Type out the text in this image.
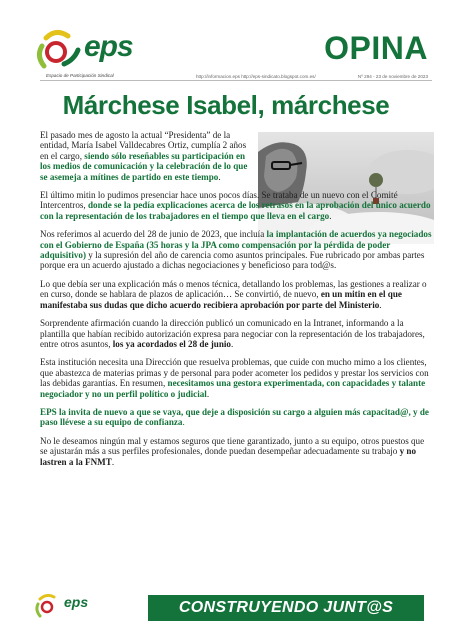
eps
Espacio de Participación Sindical
OPINA
http://informacion.eps http://eps-sindicato.blogspot.com.es/	Nº 294 - 23 de noviembre de 2023
Márchese Isabel, márchese

El pasado mes de agosto la actual “Presidenta” de la entidad, María Isabel Valldecabres Ortiz, cumplía 2 años en el cargo, siendo sólo reseñables su participación en los medios de comunicación y la celebración de lo que se asemeja a mítines de partido en este tiempo.

El último mitin lo pudimos presenciar hace unos pocos días. Se trataba de un nuevo con el Comité Intercentros, donde se la pedía explicaciones acerca de los retrasos en la aprobación del único acuerdo con la representación de los trabajadores en el tiempo que lleva en el cargo.

Nos referimos al acuerdo del 28 de junio de 2023, que incluía la implantación de acuerdos ya negociados con el Gobierno de España (35 horas y la JPA como compensación por la pérdida de poder adquisitivo) y la supresión del año de carencia como asuntos principales. Fue rubricado por ambas partes porque era un acuerdo ajustado a dichas negociaciones y beneficioso para tod@s.

Lo que debía ser una explicación más o menos técnica, detallando los problemas, las gestiones a realizar o en curso, donde se hablara de plazos de aplicación… Se convirtió, de nuevo, en un mitin en el que manifestaba sus dudas que dicho acuerdo recibiera aprobación por parte del Ministerio.

Sorprendente afirmación cuando la dirección publicó un comunicado en la Intranet, informando a la plantilla que habían recibido autorización expresa para negociar con la representación de los trabajadores, entre otros asuntos, los ya acordados el 28 de junio.

Esta institución necesita una Dirección que resuelva problemas, que cuide con mucho mimo a los clientes, que abastezca de materias primas y de personal para poder acometer los pedidos y prestar los servicios con las debidas garantías. En resumen, necesitamos una gestora experimentada, con capacidades y talante negociador y no un perfil político o judicial.

EPS la invita de nuevo a que se vaya, que deje a disposición su cargo a alguien más capacitad@, y de paso llévese a su equipo de confianza.

No le deseamos ningún mal y estamos seguros que tiene garantizado, junto a su equipo, otros puestos que se ajustarán más a sus perfiles profesionales, donde puedan desempeñar adecuadamente su trabajo y no lastren a la FNMT.

eps	CONSTRUYENDO JUNT@S
